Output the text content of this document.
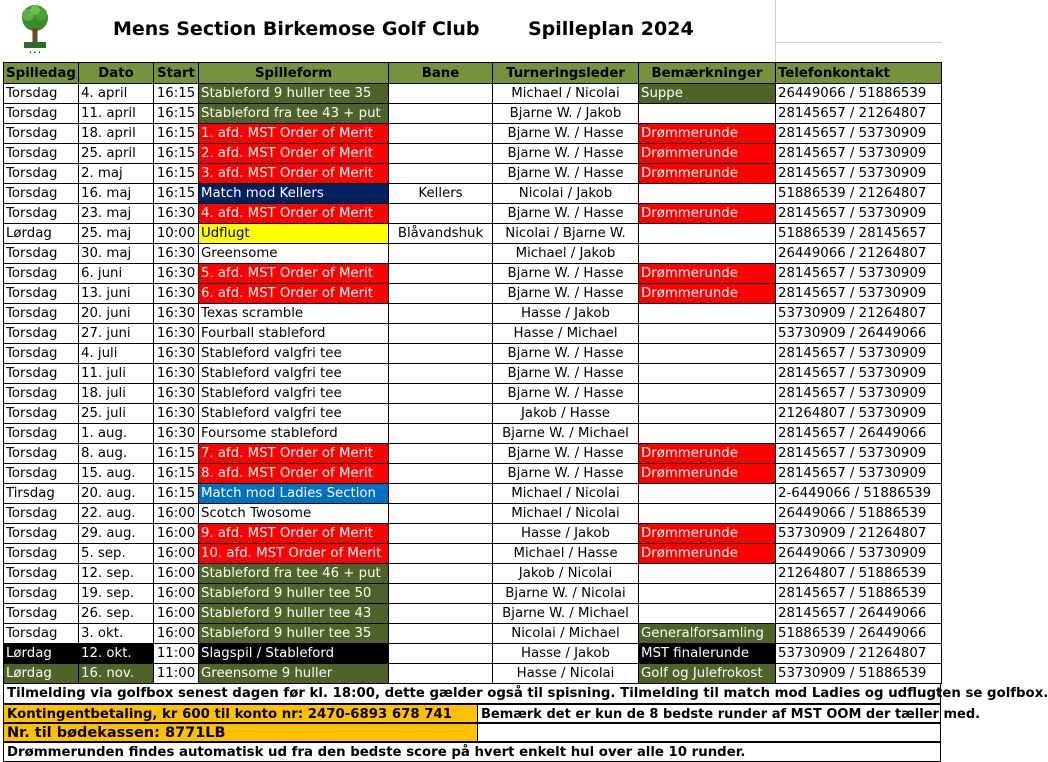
• • •
Mens Section Birkemose Golf Club	Spilleplan 2024
Spilledag	Dato	Start	Spilleform	Bane	Turneringsleder	Bemærkninger	Telefonkontakt
Torsdag	4. april	16:15	Stableford 9 huller tee 35		Michael / Nicolai	Suppe	26449066 / 51886539
Torsdag	11. april	16:15	Stableford fra tee 43 + put		Bjarne W. / Jakob		28145657 / 21264807
Torsdag	18. april	16:15	1. afd. MST Order of Merit		Bjarne W. / Hasse	Drømmerunde	28145657 / 53730909
Torsdag	25. april	16:15	2. afd. MST Order of Merit		Bjarne W. / Hasse	Drømmerunde	28145657 / 53730909
Torsdag	2. maj	16:15	3. afd. MST Order of Merit		Bjarne W. / Hasse	Drømmerunde	28145657 / 53730909
Torsdag	16. maj	16:15	Match mod Kellers	Kellers	Nicolai / Jakob		51886539 / 21264807
Torsdag	23. maj	16:30	4. afd. MST Order of Merit		Bjarne W. / Hasse	Drømmerunde	28145657 / 53730909
Lørdag	25. maj	10:00	Udflugt	Blåvandshuk	Nicolai / Bjarne W.		51886539 / 28145657
Torsdag	30. maj	16:30	Greensome		Michael / Jakob		26449066 / 21264807
Torsdag	6. juni	16:30	5. afd. MST Order of Merit		Bjarne W. / Hasse	Drømmerunde	28145657 / 53730909
Torsdag	13. juni	16:30	6. afd. MST Order of Merit		Bjarne W. / Hasse	Drømmerunde	28145657 / 53730909
Torsdag	20. juni	16:30	Texas scramble		Hasse / Jakob		53730909 / 21264807
Torsdag	27. juni	16:30	Fourball stableford		Hasse / Michael		53730909 / 26449066
Torsdag	4. juli	16:30	Stableford valgfri tee		Bjarne W. / Hasse		28145657 / 53730909
Torsdag	11. juli	16:30	Stableford valgfri tee		Bjarne W. / Hasse		28145657 / 53730909
Torsdag	18. juli	16:30	Stableford valgfri tee		Bjarne W. / Hasse		28145657 / 53730909
Torsdag	25. juli	16:30	Stableford valgfri tee		Jakob / Hasse		21264807 / 53730909
Torsdag	1. aug.	16:30	Foursome stableford		Bjarne W. / Michael		28145657 / 26449066
Torsdag	8. aug.	16:15	7. afd. MST Order of Merit		Bjarne W. / Hasse	Drømmerunde	28145657 / 53730909
Torsdag	15. aug.	16:15	8. afd. MST Order of Merit		Bjarne W. / Hasse	Drømmerunde	28145657 / 53730909
Tirsdag	20. aug.	16:15	Match mod Ladies Section		Michael / Nicolai		2-6449066 / 51886539
Torsdag	22. aug.	16:00	Scotch Twosome		Michael / Nicolai		26449066 / 51886539
Torsdag	29. aug.	16:00	9. afd. MST Order of Merit		Hasse / Jakob	Drømmerunde	53730909 / 21264807
Torsdag	5. sep.	16:00	10. afd. MST Order of Merit		Michael / Hasse	Drømmerunde	26449066 / 53730909
Torsdag	12. sep.	16:00	Stableford fra tee 46 + put		Jakob / Nicolai		21264807 / 51886539
Torsdag	19. sep.	16:00	Stableford 9 huller tee 50		Bjarne W. / Nicolai		28145657 / 51886539
Torsdag	26. sep.	16:00	Stableford 9 huller tee 43		Bjarne W. / Michael		28145657 / 26449066
Torsdag	3. okt.	16:00	Stableford 9 huller tee 35		Nicolai / Michael	Generalforsamling	51886539 / 26449066
Lørdag	12. okt.	11:00	Slagspil / Stableford		Hasse / Jakob	MST finalerunde	53730909 / 21264807
Lørdag	16. nov.	11:00	Greensome 9 huller		Hasse / Nicolai	Golf og Julefrokost	53730909 / 51886539
Tilmelding via golfbox senest dagen før kl. 18:00, dette gælder også til spisning. Tilmelding til match mod Ladies og udflugten se golfbox.
Kontingentbetaling, kr 600 til konto nr: 2470-6893 678 741	Bemærk det er kun de 8 bedste runder af MST OOM der tæller med.
Nr. til bødekassen: 8771LB
Drømmerunden findes automatisk ud fra den bedste score på hvert enkelt hul over alle 10 runder.
